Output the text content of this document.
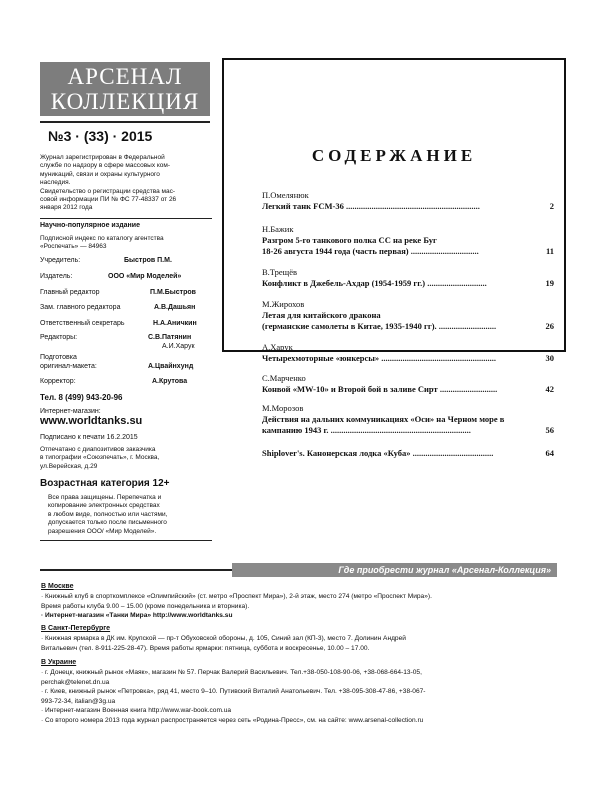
АРСЕНАЛ
КОЛЛЕКЦИЯ
№3 · (33) · 2015
Журнал зарегистрирован в Федеральной
службе по надзору в сфере массовых ком-
муникаций, связи и охраны культурного
наследия.
Свидетельство о регистрации средства мас-
совой информации ПИ № ФС 77-48337 от 26
января 2012 года
Научно-популярное издание
Подписной индекс по каталогу агентства
«Роспечать» — 84963
Учредитель:	Быстров П.М.
Издатель:	ООО «Мир Моделей»
Главный редактор	П.М.Быстров
Зам. главного редактора	А.В.Дашьян
Ответственный секретарь	Н.А.Аничкин
Редакторы:	С.В.Патянин
А.И.Харук
Подготовка
оригинал-макета:	А.Цвайнхунд
Корректор:	А.Крутова
Тел. 8 (499) 943-20-96
Интернет-магазин:
www.worldtanks.su
Подписано к печати 16.2.2015
Отпечатано с диапозитивов заказчика
в типографии «Союзпечать», г. Москва,
ул.Верейская, д.29
Возрастная категория 12+
Все права защищены. Перепечатка и
копирование электронных средствах
в любом виде, полностью или частями,
допускается только после письменного
разрешения ООО/ «Мир Моделей».
СОДЕРЖАНИЕ
П.Омелянюк
Легкий танк FCM-36 ...............................................................	2
Н.Бажик
Разгром 5-го танкового полка СС на реке Буг
18-26 августа 1944 года (часть первая) ................................	11
В.Трещёв
Конфликт в Джебель-Ахдар (1954-1959 гг.) ............................	19
М.Жирохов
Летая для китайского дракона
(германские самолеты в Китае, 1935-1940 гг). ...........................	26
А.Харук
Четырехмоторные «юнкерсы» ......................................................	30
С.Марченко
Конвой «MW-10» и Второй бой в заливе Сирт ...........................	42
М.Морозов
Действия на дальних коммуникациях «Оси» на Черном море в
кампанию 1943 г. ..................................................................	56
Shiplover's. Канонерская лодка «Куба» ......................................	64
Где приобрести журнал «Арсенал-Коллекция»
В Москве
· Книжный клуб в спорткомплексе «Олимпийский» (ст. метро «Проспект Мира»), 2-й этаж, место 274 (метро «Проспект Мира»).
Время работы клуба 9.00 – 15.00 (кроме понедельника и вторника).
· Интернет-магазин «Танки Мира» http://www.worldtanks.su
В Санкт-Петербурге
· Книжная ярмарка в ДК им. Крупской — пр-т Обуховской обороны, д. 105, Синий зал (КП-3), место 7. Долинин Андрей
Витальевич (тел. 8-911-225-28-47). Время работы ярмарки: пятница, суббота и воскресенье, 10.00 – 17.00.
В Украине
· г. Донецк, книжный рынок «Маяк», магазин № 57. Перчак Валерий Васильевич. Тел.+38-050-108-90-06, +38-068-664-13-05,
perchak@telenet.dn.ua
· г. Киев, книжный рынок «Петровка», ряд 41, место 9–10. Путивский Виталий Анатольевич. Тел. +38-095-308-47-86, +38-067-
993-72-34, italian@3g.ua
· Интернет-магазин Военная книга http://www.war-book.com.ua
· Со второго номера 2013 года журнал распространяется через сеть «Родина-Пресс», см. на сайте: www.arsenal-collection.ru
